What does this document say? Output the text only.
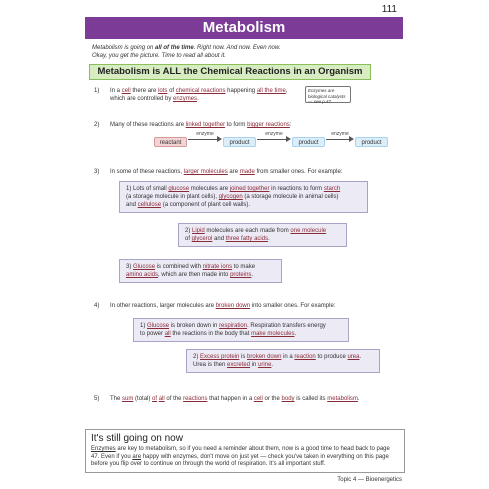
111
Metabolism
Metabolism is going on all of the time. Right now. And now. Even now.
Okay, you get the picture. Time to read all about it.
Metabolism is ALL the Chemical Reactions in an Organism
1) In a cell there are lots of chemical reactions happening all the time, which are controlled by enzymes.
Enzymes are biological catalysts — see p.47.
2) Many of these reactions are linked together to form bigger reactions:
reactant
enzyme
product
enzyme
product
enzyme
product
3) In some of these reactions, larger molecules are made from smaller ones. For example:
1) Lots of small glucose molecules are joined together in reactions to form starch
(a storage molecule in plant cells), glycogen (a storage molecule in animal cells)
and cellulose (a component of plant cell walls).
2) Lipid molecules are each made from one molecule
of glycerol and three fatty acids.
3) Glucose is combined with nitrate ions to make
amino acids, which are then made into proteins.
4) In other reactions, larger molecules are broken down into smaller ones. For example:
1) Glucose is broken down in respiration. Respiration transfers energy
to power all the reactions in the body that make molecules.
2) Excess protein is broken down in a reaction to produce urea.
Urea is then excreted in urine.
5) The sum (total) of all of the reactions that happen in a cell or the body is called its metabolism.
It's still going on now
Enzymes are key to metabolism, so if you need a reminder about them, now is a good time to head back to page 47. Even if you are happy with enzymes, don't move on just yet — check you've taken in everything on this page before you flip over to continue on through the world of respiration. It's all important stuff.
Topic 4 — Bioenergetics
